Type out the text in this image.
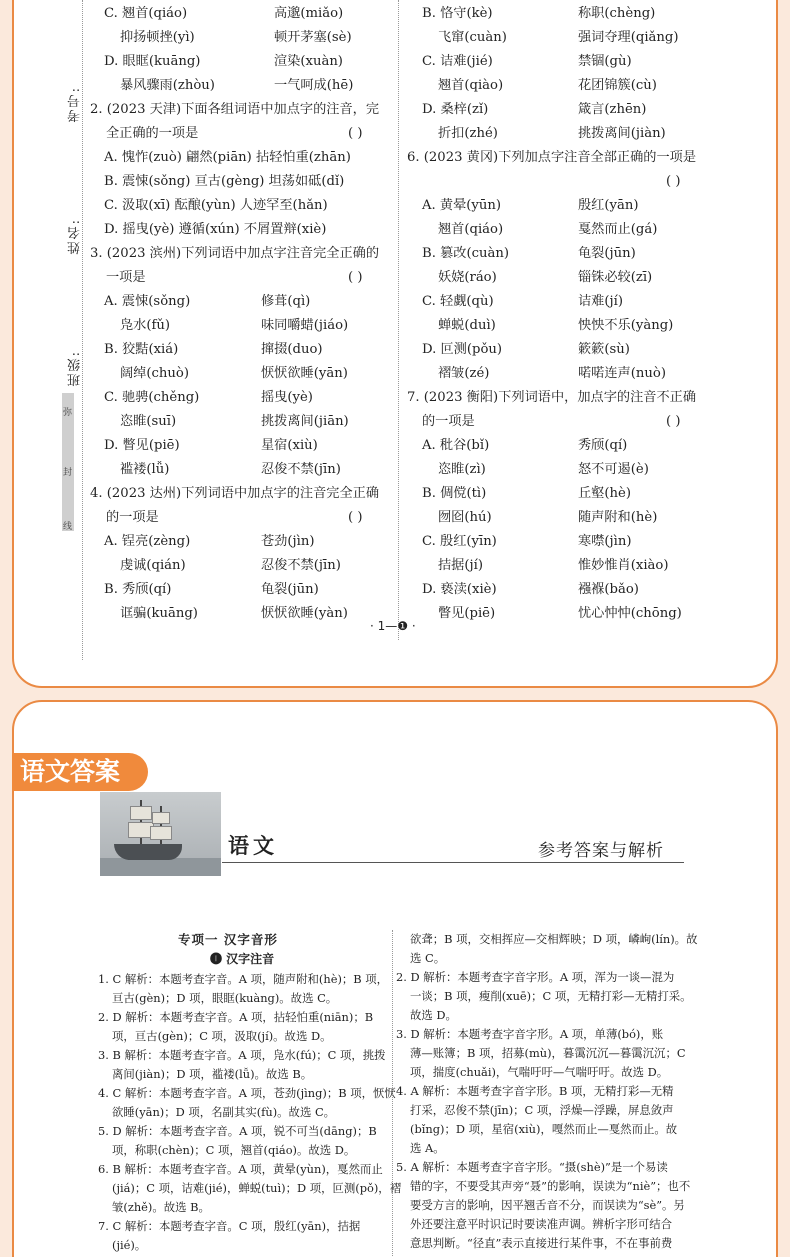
考号:
姓名:
班级:
弥
封
线
C. 翘首(qiáo)	高邈(miǎo)
抑扬顿挫(yì)	顿开茅塞(sè)
D. 眼眶(kuāng)	渲染(xuàn)
暴风骤雨(zhòu)	一气呵成(hē)
2. (2023 天津)下面各组词语中加点字的注音，完
全正确的一项是
A. 愧怍(zuò) 翩然(piān) 拈轻怕重(zhān)
B. 震悚(sǒng) 亘古(gèng) 坦荡如砥(dǐ)
C. 汲取(xī) 酝酿(yùn) 人迹罕至(hǎn)
D. 摇曳(yè) 遵循(xún) 不屑置辩(xiè)
3. (2023 滨州)下列词语中加点字注音完全正确的
一项是
A. 震悚(sǒng)	修葺(qì)
凫水(fǔ)	味同嚼蜡(jiáo)
B. 狡黠(xiá)	撺掇(duo)
阔绰(chuò)	恹恹欲睡(yān)
C. 驰骋(chěng)	摇曳(yè)
恣睢(suī)	挑拨离间(jiān)
D. 瞥见(piē)	星宿(xiù)
褴褛(lǚ)	忍俊不禁(jīn)
4. (2023 达州)下列词语中加点字的注音完全正确
的一项是
A. 锃亮(zèng)	苍劲(jìn)
虔诚(qián)	忍俊不禁(jīn)
B. 秀颀(qí)	龟裂(jūn)
诓骗(kuāng)	恹恹欲睡(yàn)
( )
( )
( )
B. 恪守(kè)	称职(chèng)
飞窜(cuàn)	强词夺理(qiǎng)
C. 诘难(jié)	禁锢(gù)
翘首(qiào)	花团锦簇(cù)
D. 桑梓(zǐ)	箴言(zhēn)
折扣(zhé)	挑拨离间(jiàn)
6. (2023 黄冈)下列加点字注音全部正确的一项是
A. 黄晕(yūn)	殷红(yān)
翘首(qiáo)	戛然而止(gá)
B. 篡改(cuàn)	龟裂(jūn)
妖娆(ráo)	锱铢必较(zī)
C. 轻觑(qù)	诘难(jí)
蝉蜕(duì)	怏怏不乐(yàng)
D. 叵测(pǒu)	簌簌(sù)
褶皱(zé)	喏喏连声(nuò)
7. (2023 衡阳)下列词语中，加点字的注音不正确
的一项是
A. 秕谷(bǐ)	秀颀(qí)
恣睢(zì)	怒不可遏(è)
B. 倜傥(tì)	丘壑(hè)
囫囵(hú)	随声附和(hè)
C. 殷红(yīn)	寒噤(jìn)
拮据(jí)	惟妙惟肖(xiào)
D. 亵渎(xiè)	襁褓(bǎo)
瞥见(piē)	忧心忡忡(chōng)
( )
( )
· 1—❶ ·
语文答案
语文	参考答案与解析
专项一 汉字音形
❶ 汉字注音
1. C 解析：本题考查字音。A 项，随声附和(hè)；B 项，
亘古(gèn)；D 项，眼眶(kuàng)。故选 C。
2. D 解析：本题考查字音。A 项，拈轻怕重(niān)；B
项，亘古(gèn)；C 项，汲取(jí)。故选 D。
3. B 解析：本题考查字音。A 项，凫水(fú)；C 项，挑拨
离间(jiàn)；D 项，褴褛(lǚ)。故选 B。
4. C 解析：本题考查字音。A 项，苍劲(jìng)；B 项，恹恹
欲睡(yān)；D 项，名副其实(fù)。故选 C。
5. D 解析：本题考查字音。A 项，锐不可当(dāng)；B
项，称职(chèn)；C 项，翘首(qiáo)。故选 D。
6. B 解析：本题考查字音。A 项，黄晕(yùn)，戛然而止
(jiá)；C 项，诘难(jié)，蝉蜕(tuì)；D 项，叵测(pǒ)，褶
皱(zhě)。故选 B。
7. C 解析：本题考查字音。C 项，殷红(yān)，拮据
(jié)。
欲聋；B 项，交相挥应—交相辉映；D 项，嶙峋(lín)。故
选 C。
2. D 解析：本题考查字音字形。A 项，浑为一谈—混为
一谈；B 项，瘦削(xuē)；C 项，无精打彩—无精打采。
故选 D。
3. D 解析：本题考查字音字形。A 项，单薄(bó)，账
薄—账簿；B 项，招募(mù)，暮霭沉沉—暮霭沉沉；C
项，揣度(chuǎi)，气喘吁吁—气喘吁吁。故选 D。
4. A 解析：本题考查字音字形。B 项，无精打彩—无精
打采，忍俊不禁(jīn)；C 项，浮燥—浮躁，屏息敛声
(bǐng)；D 项，星宿(xiù)，嘎然而止—戛然而止。故
选 A。
5. A 解析：本题考查字音字形。“摄(shè)”是一个易读
错的字，不要受其声旁“聂”的影响，误读为“niè”；也不
要受方言的影响，因平翘舌音不分，而误读为“sè”。另
外还要注意平时识记时要读准声调。辨析字形可结合
意思判断。“径直”表示直接进行某件事，不在事前费
